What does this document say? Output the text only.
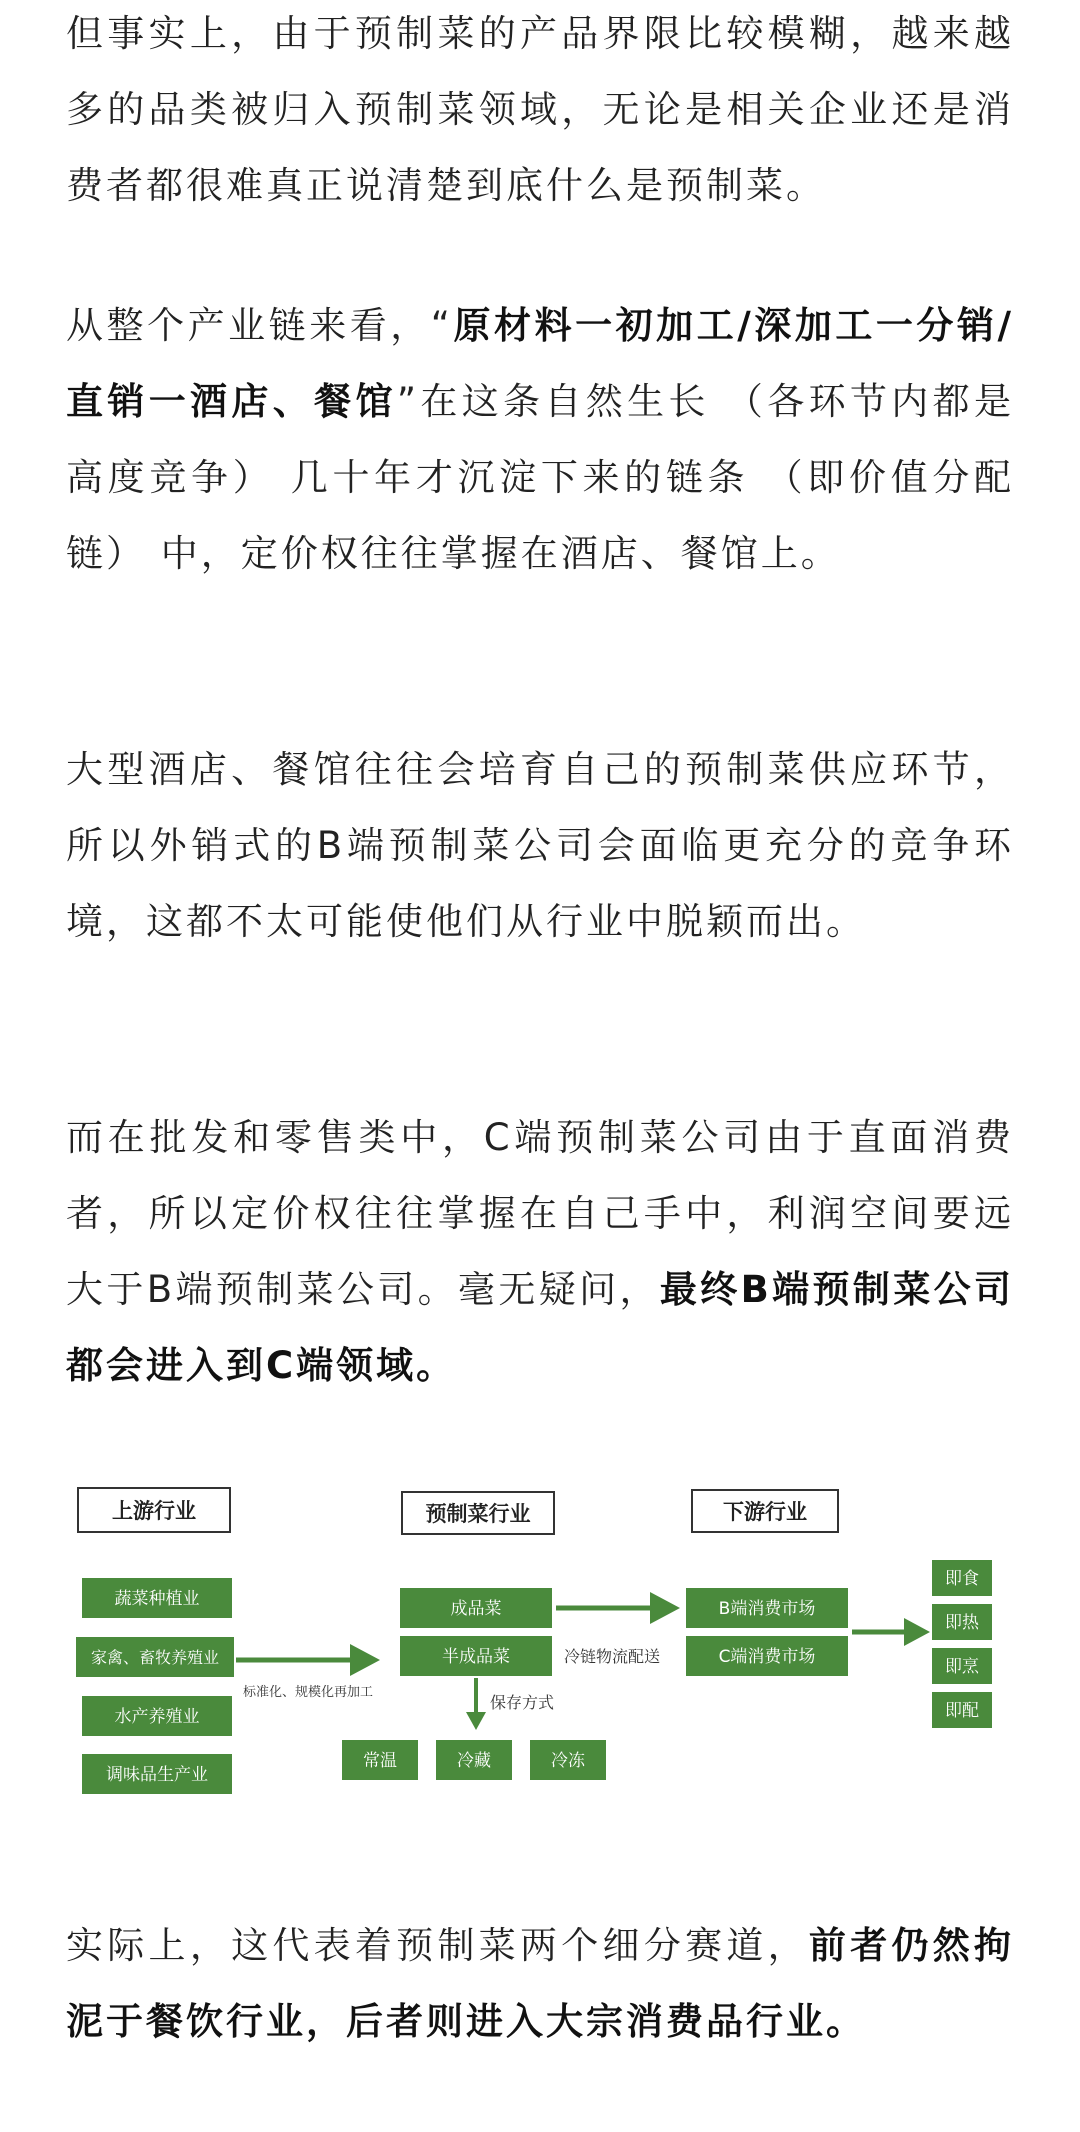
但事实上，由于预制菜的产品界限比较模糊，越来越多的品类被归入预制菜领域，无论是相关企业还是消费者都很难真正说清楚到底什么是预制菜。

从整个产业链来看，“原材料一初加工/深加工一分销/直销一酒店、餐馆”在这条自然生长 （各环节内都是高度竞争） 几十年才沉淀下来的链条 （即价值分配链） 中，定价权往往掌握在酒店、餐馆上。

大型酒店、餐馆往往会培育自己的预制菜供应环节，所以外销式的B端预制菜公司会面临更充分的竞争环境，这都不太可能使他们从行业中脱颖而出。

而在批发和零售类中，C端预制菜公司由于直面消费者，所以定价权往往掌握在自己手中，利润空间要远大于B端预制菜公司。毫无疑问，最终B端预制菜公司都会进入到C端领域。

上游行业	预制菜行业	下游行业
蔬菜种植业
家禽、畜牧养殖业
水产养殖业
调味品生产业
标准化、规模化再加工
成品菜
半成品菜
保存方式
常温	冷藏	冷冻
冷链物流配送
B端消费市场
C端消费市场
即食
即热
即烹
即配

实际上，这代表着预制菜两个细分赛道，前者仍然拘泥于餐饮行业，后者则进入大宗消费品行业。
